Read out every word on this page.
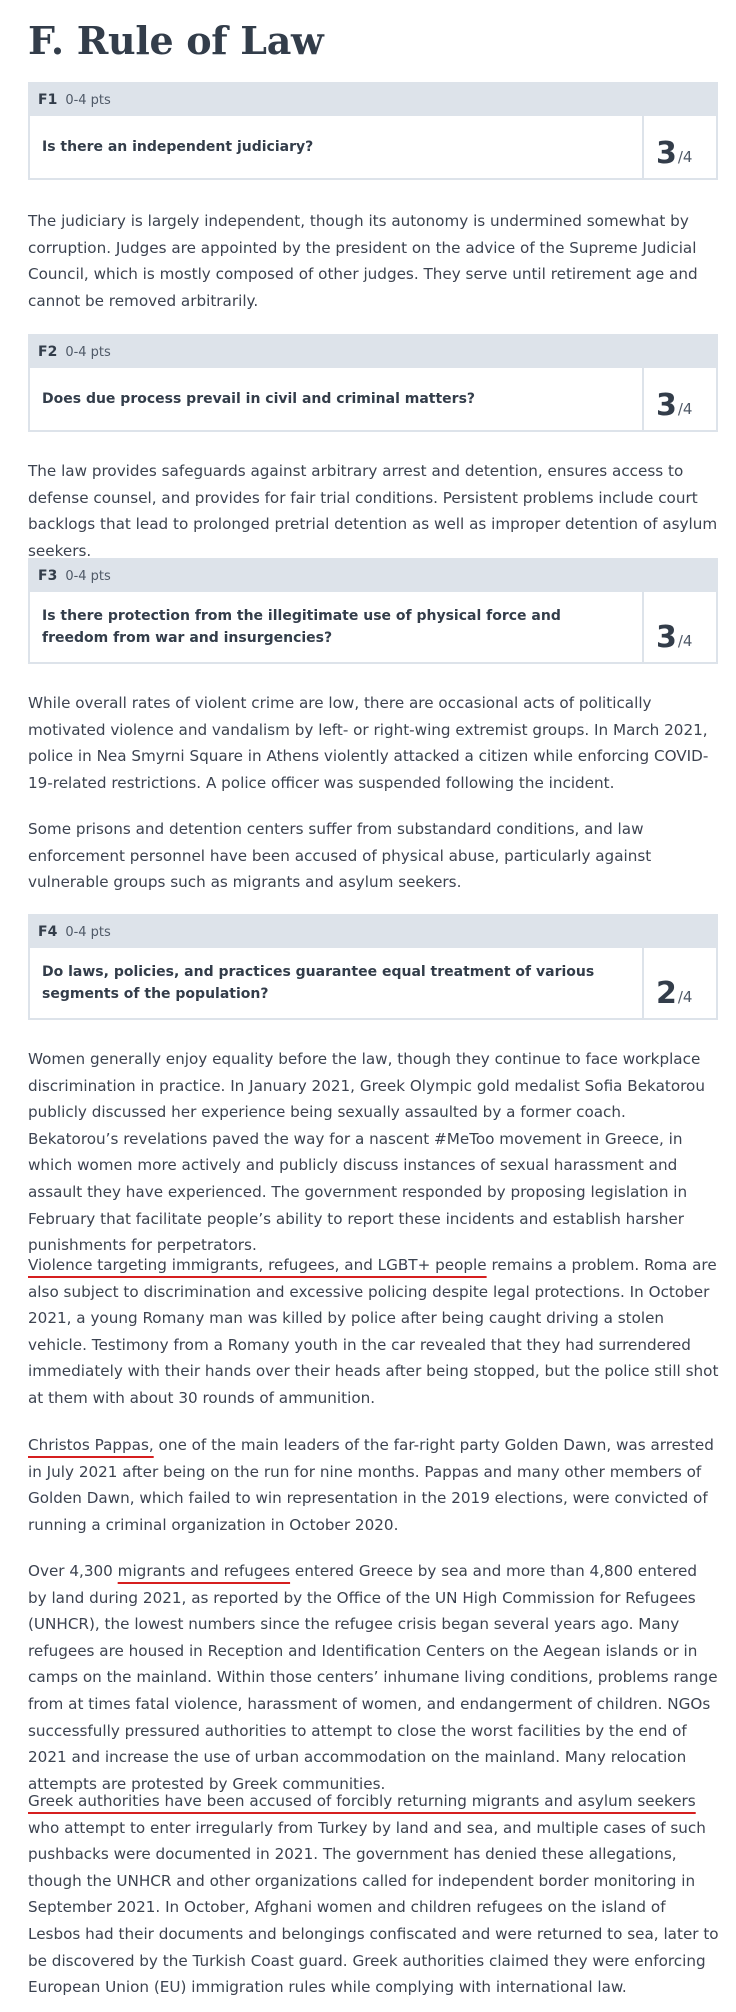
F. Rule of Law
F1 0-4 pts
Is there an independent judiciary?	3 /4

The judiciary is largely independent, though its autonomy is undermined somewhat by corruption. Judges are appointed by the president on the advice of the Supreme Judicial Council, which is mostly composed of other judges. They serve until retirement age and cannot be removed arbitrarily.

F2 0-4 pts
Does due process prevail in civil and criminal matters?	3 /4

The law provides safeguards against arbitrary arrest and detention, ensures access to defense counsel, and provides for fair trial conditions. Persistent problems include court backlogs that lead to prolonged pretrial detention as well as improper detention of asylum seekers.

F3 0-4 pts
Is there protection from the illegitimate use of physical force and freedom from war and insurgencies?	3 /4

While overall rates of violent crime are low, there are occasional acts of politically motivated violence and vandalism by left- or right-wing extremist groups. In March 2021, police in Nea Smyrni Square in Athens violently attacked a citizen while enforcing COVID-19-related restrictions. A police officer was suspended following the incident.

Some prisons and detention centers suffer from substandard conditions, and law enforcement personnel have been accused of physical abuse, particularly against vulnerable groups such as migrants and asylum seekers.

F4 0-4 pts
Do laws, policies, and practices guarantee equal treatment of various segments of the population?	2 /4

Women generally enjoy equality before the law, though they continue to face workplace discrimination in practice. In January 2021, Greek Olympic gold medalist Sofia Bekatorou publicly discussed her experience being sexually assaulted by a former coach. Bekatorou’s revelations paved the way for a nascent #MeToo movement in Greece, in which women more actively and publicly discuss instances of sexual harassment and assault they have experienced. The government responded by proposing legislation in February that facilitate people’s ability to report these incidents and establish harsher punishments for perpetrators.

Violence targeting immigrants, refugees, and LGBT+ people remains a problem. Roma are also subject to discrimination and excessive policing despite legal protections. In October 2021, a young Romany man was killed by police after being caught driving a stolen vehicle. Testimony from a Romany youth in the car revealed that they had surrendered immediately with their hands over their heads after being stopped, but the police still shot at them with about 30 rounds of ammunition.

Christos Pappas, one of the main leaders of the far-right party Golden Dawn, was arrested in July 2021 after being on the run for nine months. Pappas and many other members of Golden Dawn, which failed to win representation in the 2019 elections, were convicted of running a criminal organization in October 2020.

Over 4,300 migrants and refugees entered Greece by sea and more than 4,800 entered by land during 2021, as reported by the Office of the UN High Commission for Refugees (UNHCR), the lowest numbers since the refugee crisis began several years ago. Many refugees are housed in Reception and Identification Centers on the Aegean islands or in camps on the mainland. Within those centers’ inhumane living conditions, problems range from at times fatal violence, harassment of women, and endangerment of children. NGOs successfully pressured authorities to attempt to close the worst facilities by the end of 2021 and increase the use of urban accommodation on the mainland. Many relocation attempts are protested by Greek communities.

Greek authorities have been accused of forcibly returning migrants and asylum seekers who attempt to enter irregularly from Turkey by land and sea, and multiple cases of such pushbacks were documented in 2021. The government has denied these allegations, though the UNHCR and other organizations called for independent border monitoring in September 2021. In October, Afghani women and children refugees on the island of Lesbos had their documents and belongings confiscated and were returned to sea, later to be discovered by the Turkish Coast guard. Greek authorities claimed they were enforcing European Union (EU) immigration rules while complying with international law.
